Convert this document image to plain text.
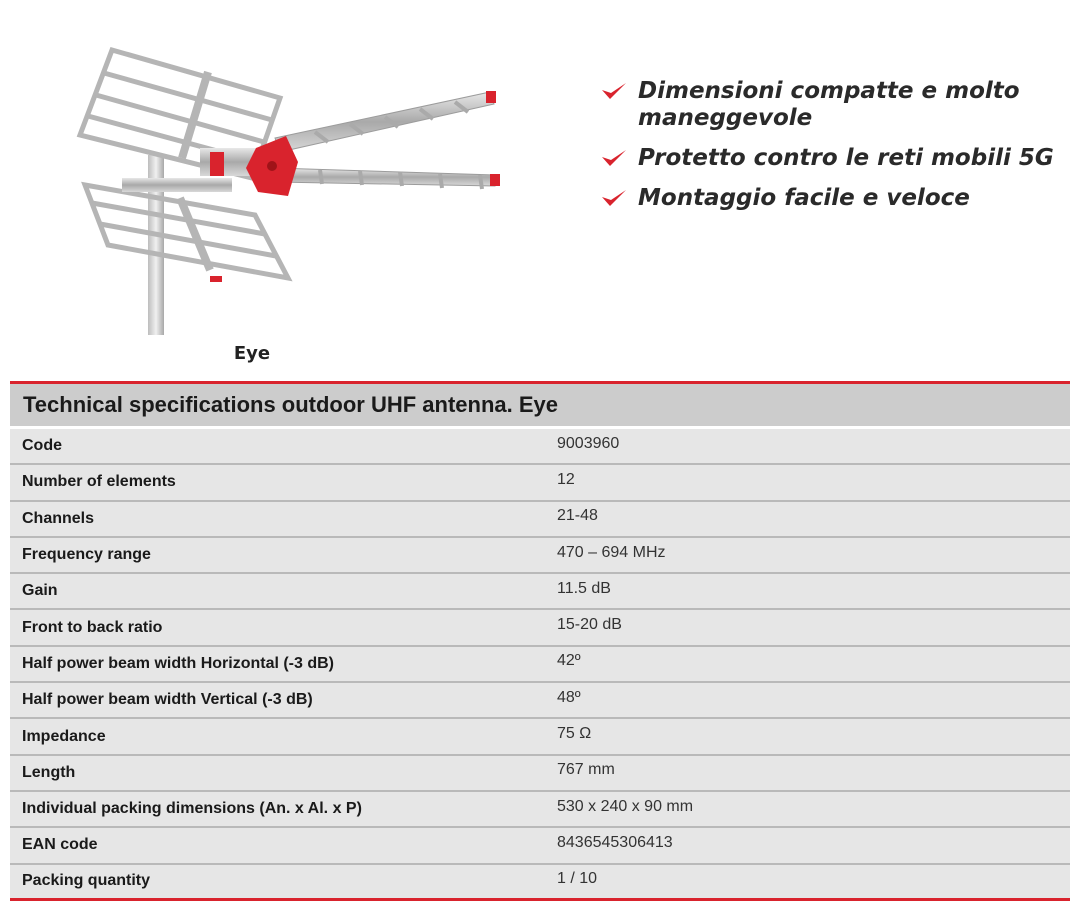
Eye
Dimensioni compatte e molto maneggevole
Protetto contro le reti mobili 5G
Montaggio facile e veloce
Technical specifications outdoor UHF antenna. Eye
Code	9003960
Number of elements	12
Channels	21-48
Frequency range	470 – 694 MHz
Gain	11.5 dB
Front to back ratio	15-20 dB
Half power beam width Horizontal (-3 dB)	42º
Half power beam width Vertical (-3 dB)	48º
Impedance	75 Ω
Length	767 mm
Individual packing dimensions (An. x Al. x P)	530 x 240 x 90 mm
EAN code	8436545306413
Packing quantity	1 / 10
